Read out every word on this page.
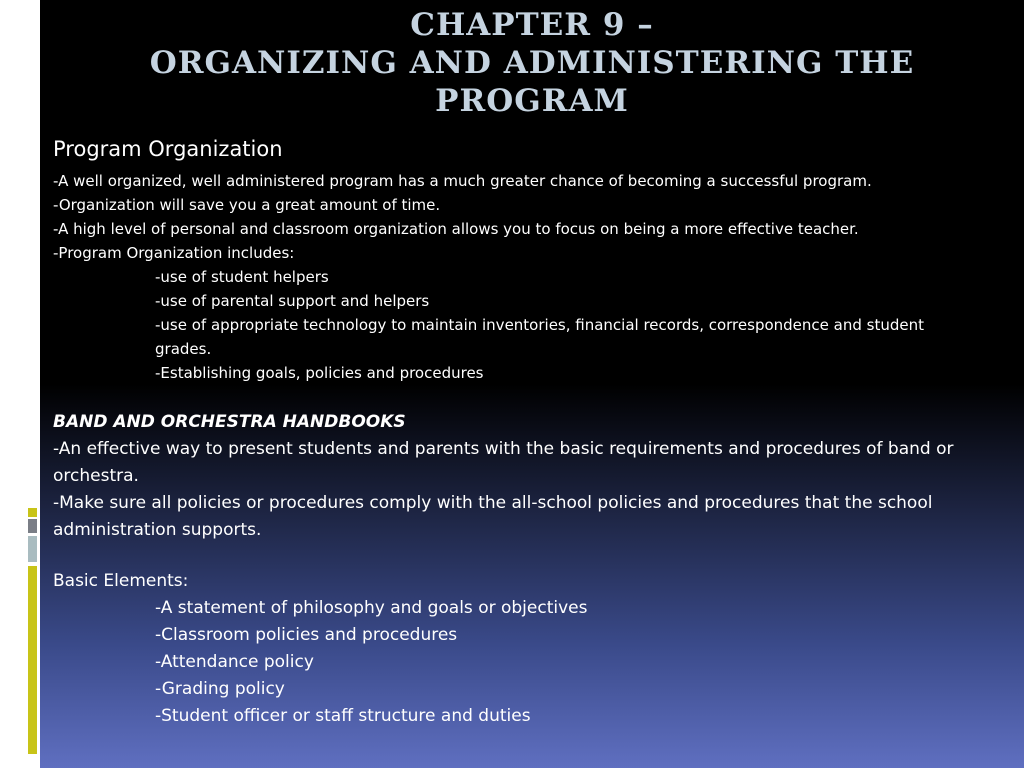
CHAPTER 9 –
ORGANIZING AND ADMINISTERING THE
PROGRAM
Program Organization
-A well organized, well administered program has a much greater chance of becoming a successful program.
-Organization will save you a great amount of time.
-A high level of personal and classroom organization allows you to focus on being a more effective teacher.
-Program Organization includes:
-use of student helpers
-use of parental support and helpers
-use of appropriate technology to maintain inventories, financial records, correspondence and student grades.
-Establishing goals, policies and procedures
BAND AND ORCHESTRA HANDBOOKS
-An effective way to present students and parents with the basic requirements and procedures of band or orchestra.
-Make sure all policies or procedures comply with the all-school policies and procedures that the school administration supports.
Basic Elements:
-A statement of philosophy and goals or objectives
-Classroom policies and procedures
-Attendance policy
-Grading policy
-Student officer or staff structure and duties
